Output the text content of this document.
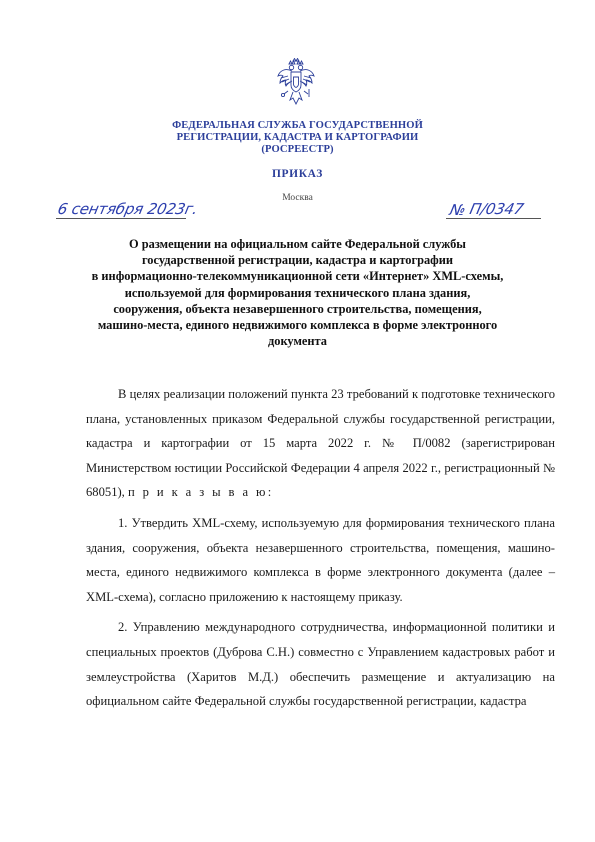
ФЕДЕРАЛЬНАЯ СЛУЖБА ГОСУДАРСТВЕННОЙ
РЕГИСТРАЦИИ, КАДАСТРА И КАРТОГРАФИИ
(РОСРЕЕСТР)
ПРИКАЗ
Москва
6 сентября 2023г.	№ П/0347
О размещении на официальном сайте Федеральной службы
государственной регистрации, кадастра и картографии
в информационно-телекоммуникационной сети «Интернет» XML-схемы,
используемой для формирования технического плана здания,
сооружения, объекта незавершенного строительства, помещения,
машино-места, единого недвижимого комплекса в форме электронного
документа

В целях реализации положений пункта 23 требований к подготовке технического плана, установленных приказом Федеральной службы государственной регистрации, кадастра и картографии от 15 марта 2022 г. № П/0082 (зарегистрирован Министерством юстиции Российской Федерации 4 апреля 2022 г., регистрационный № 68051), п р и к а з ы в а ю:

1. Утвердить XML-схему, используемую для формирования технического плана здания, сооружения, объекта незавершенного строительства, помещения, машино-места, единого недвижимого комплекса в форме электронного документа (далее – XML-схема), согласно приложению к настоящему приказу.

2. Управлению международного сотрудничества, информационной политики и специальных проектов (Дуброва С.Н.) совместно с Управлением кадастровых работ и землеустройства (Харитов М.Д.) обеспечить размещение и актуализацию на официальном сайте Федеральной службы государственной регистрации, кадастра
